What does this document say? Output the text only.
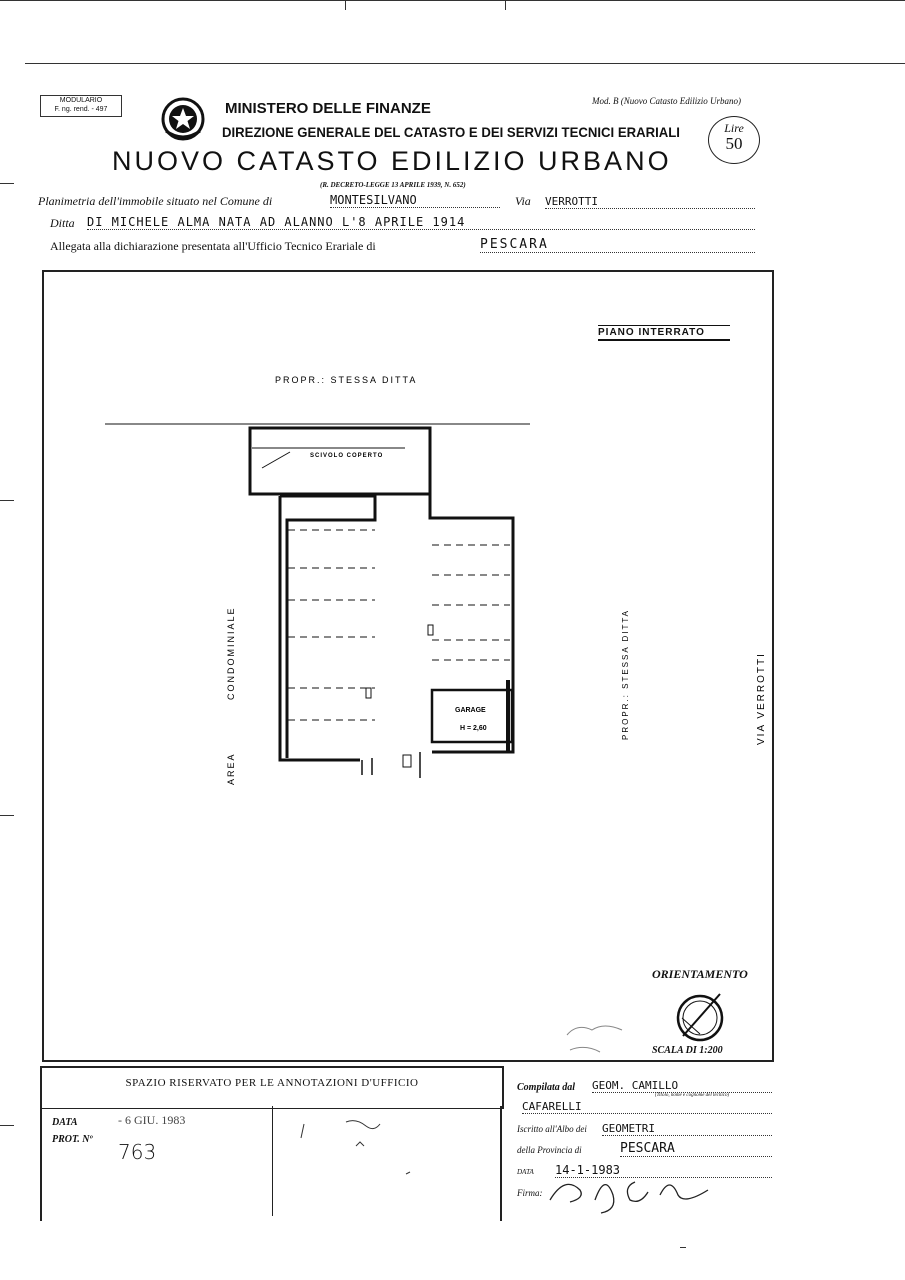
MODULARIO
F. ng. rend. - 497	MINISTERO DELLE FINANZE
DIREZIONE GENERALE DEL CATASTO E DEI SERVIZI TECNICI ERARIALI
Mod. B (Nuovo Catasto Edilizio Urbano)
Lire
50
NUOVO CATASTO EDILIZIO URBANO
(R. DECRETO-LEGGE 13 APRILE 1939, N. 652)
Planimetria dell'immobile situato nel Comune di	MONTESILVANO	Via VERROTTI
Ditta DI MICHELE ALMA NATA AD ALANNO L'8 APRILE 1914
Allegata alla dichiarazione presentata all'Ufficio Tecnico Erariale di	PESCARA
SCIVOLO COPERTO
PROPR.: STESSA DITTA
GARAGE
H = 2,60
AREA
CONDOMINIALE	PROPR.: STESSA DITTA	VIA VERROTTI
PIANO INTERRATO
ORIENTAMENTO
SCALA DI 1:200
SPAZIO RISERVATO PER LE ANNOTAZIONI D'UFFICIO
DATA	- 6 GIU. 1983
PROT. Nº
763
Compilata dal GEOM. CAMILLO
(Titolo, nome e cognome del tecnico)
CAFARELLI
Iscritto all'Albo dei GEOMETRI
della Provincia di	PESCARA
DATA 14-1-1983
Firma:
